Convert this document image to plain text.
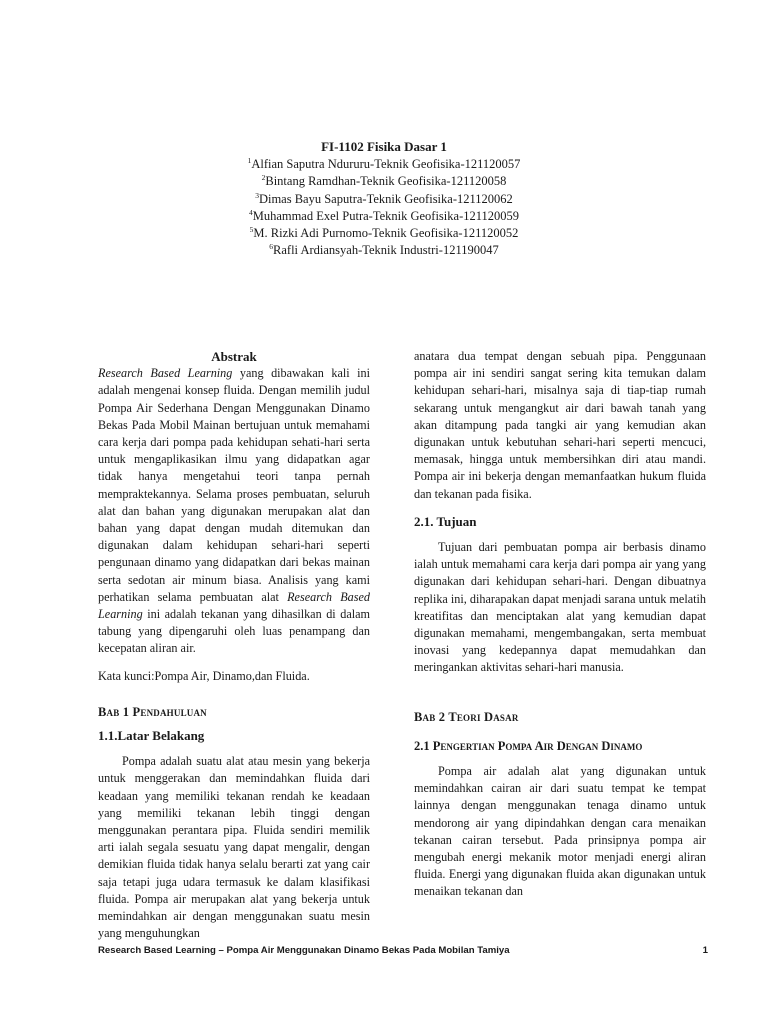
FI-1102 Fisika Dasar 1
$^1$Alfian Saputra Ndururu-Teknik Geofisika-121120057
$^2$Bintang Ramdhan-Teknik Geofisika-121120058
$^3$Dimas Bayu Saputra-Teknik Geofisika-121120062
$^4$Muhammad Exel Putra-Teknik Geofisika-121120059
$^5$M. Rizki Adi Purnomo-Teknik Geofisika-121120052
$^6$Rafli Ardiansyah-Teknik Industri-121190047

Abstrak

Research Based Learning yang dibawakan kali ini adalah mengenai konsep fluida. Dengan memilih judul Pompa Air Sederhana Dengan Menggunakan Dinamo Bekas Pada Mobil Mainan bertujuan untuk memahami cara kerja dari pompa pada kehidupan sehati-hari serta untuk mengaplikasikan ilmu yang didapatkan agar tidak hanya mengetahui teori tanpa pernah mempraktekannya. Selama proses pembuatan, seluruh alat dan bahan yang digunakan merupakan alat dan bahan yang dapat dengan mudah ditemukan dan digunakan dalam kehidupan sehari-hari seperti pengunaan dinamo yang didapatkan dari bekas mainan serta sedotan air minum biasa. Analisis yang kami perhatikan selama pembuatan alat Research Based Learning ini adalah tekanan yang dihasilkan di dalam tabung yang dipengaruhi oleh luas penampang dan kecepatan aliran air.

Kata kunci:Pompa Air, Dinamo,dan Fluida.

Bab 1 Pendahuluan

1.1.Latar Belakang

Pompa adalah suatu alat atau mesin yang bekerja untuk menggerakan dan memindahkan fluida dari keadaan yang memiliki tekanan rendah ke keadaan yang memiliki tekanan lebih tinggi dengan menggunakan perantara pipa. Fluida sendiri memilik arti ialah segala sesuatu yang dapat mengalir, dengan demikian fluida tidak hanya selalu berarti zat yang cair saja tetapi juga udara termasuk ke dalam klasifikasi fluida. Pompa air merupakan alat yang bekerja untuk memindahkan air dengan menggunakan suatu mesin yang menguhungkan

anatara dua tempat dengan sebuah pipa. Penggunaan pompa air ini sendiri sangat sering kita temukan dalam kehidupan sehari-hari, misalnya saja di tiap-tiap rumah sekarang untuk mengangkut air dari bawah tanah yang akan ditampung pada tangki air yang kemudian akan digunakan untuk kebutuhan sehari-hari seperti mencuci, memasak, hingga untuk membersihkan diri atau mandi. Pompa air ini bekerja dengan memanfaatkan hukum fluida dan tekanan pada fisika.

2.1. Tujuan

Tujuan dari pembuatan pompa air berbasis dinamo ialah untuk memahami cara kerja dari pompa air yang yang digunakan dari kehidupan sehari-hari. Dengan dibuatnya replika ini, diharapakan dapat menjadi sarana untuk melatih kreatifitas dan menciptakan alat yang kemudian dapat digunakan memahami, mengembangakan, serta membuat inovasi yang kedepannya dapat memudahkan dan meringankan aktivitas sehari-hari manusia.

Bab 2 Teori Dasar

2.1 Pengertian Pompa Air Dengan Dinamo

Pompa air adalah alat yang digunakan untuk memindahkan cairan air dari suatu tempat ke tempat lainnya dengan menggunakan tenaga dinamo untuk mendorong air yang dipindahkan dengan cara menaikan tekanan cairan tersebut. Pada prinsipnya pompa air mengubah energi mekanik motor menjadi energi aliran fluida. Energi yang digunakan fluida akan digunakan untuk menaikan tekanan dan

Research Based Learning – Pompa Air Menggunakan Dinamo Bekas Pada Mobilan Tamiya	1
